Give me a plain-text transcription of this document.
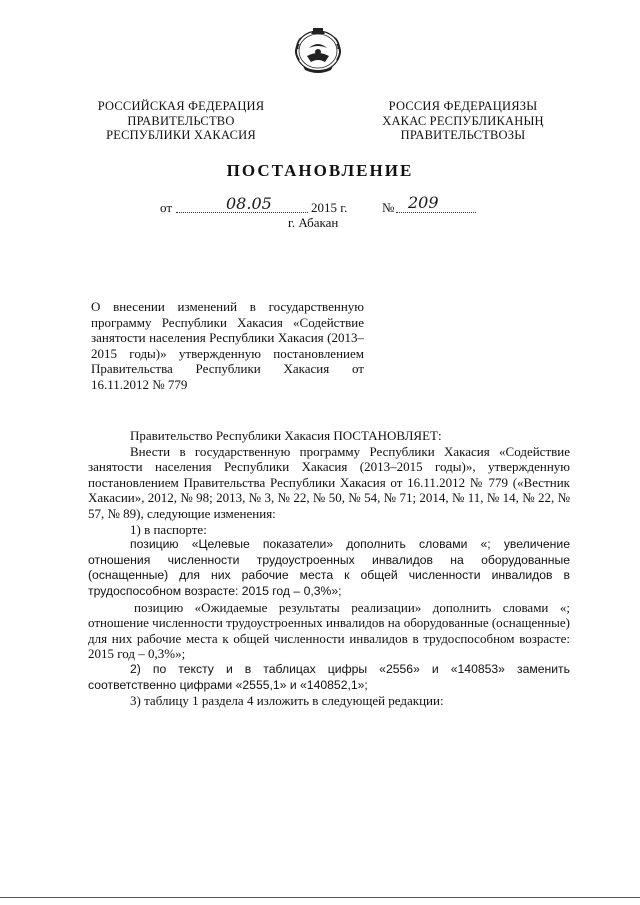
РОССИЙСКАЯ ФЕДЕРАЦИЯ
ПРАВИТЕЛЬСТВО
РЕСПУБЛИКИ ХАКАСИЯ
РОССИЯ ФЕДЕРАЦИЯЗЫ
ХАКАС РЕСПУБЛИКАНЫҢ
ПРАВИТЕЛЬСТВОЗЫ
ПОСТАНОВЛЕНИЕ
от	08.05	2015 г.	№ 209
г. Абакан
О внесении изменений в государственную программу Республики Хакасия «Содействие занятости населения Республики Хакасия (2013–2015 годы)» утвержденную постановлением Правительства Республики Хакасия от 16.11.2012 № 779

Правительство Республики Хакасия ПОСТАНОВЛЯЕТ:

Внести в государственную программу Республики Хакасия «Содействие занятости населения Республики Хакасия (2013–2015 годы)», утвержденную постановлением Правительства Республики Хакасия от 16.11.2012 № 779 («Вестник Хакасии», 2012, № 98; 2013, № 3, № 22, № 50, № 54, № 71; 2014, № 11, № 14, № 22, № 57, № 89), следующие изменения:

1) в паспорте:

позицию «Целевые показатели» дополнить словами «; увеличение отношения численности трудоустроенных инвалидов на оборудованные (оснащенные) для них рабочие места к общей численности инвалидов в трудоспособном возрасте: 2015 год – 0,3%»;

позицию «Ожидаемые результаты реализации» дополнить словами «; отношение численности трудоустроенных инвалидов на оборудованные (оснащенные) для них рабочие места к общей численности инвалидов в трудоспособном возрасте: 2015 год – 0,3%»;

2) по тексту и в таблицах цифры «2556» и «140853» заменить соответственно цифрами «2555,1» и «140852,1»;

3) таблицу 1 раздела 4 изложить в следующей редакции:
